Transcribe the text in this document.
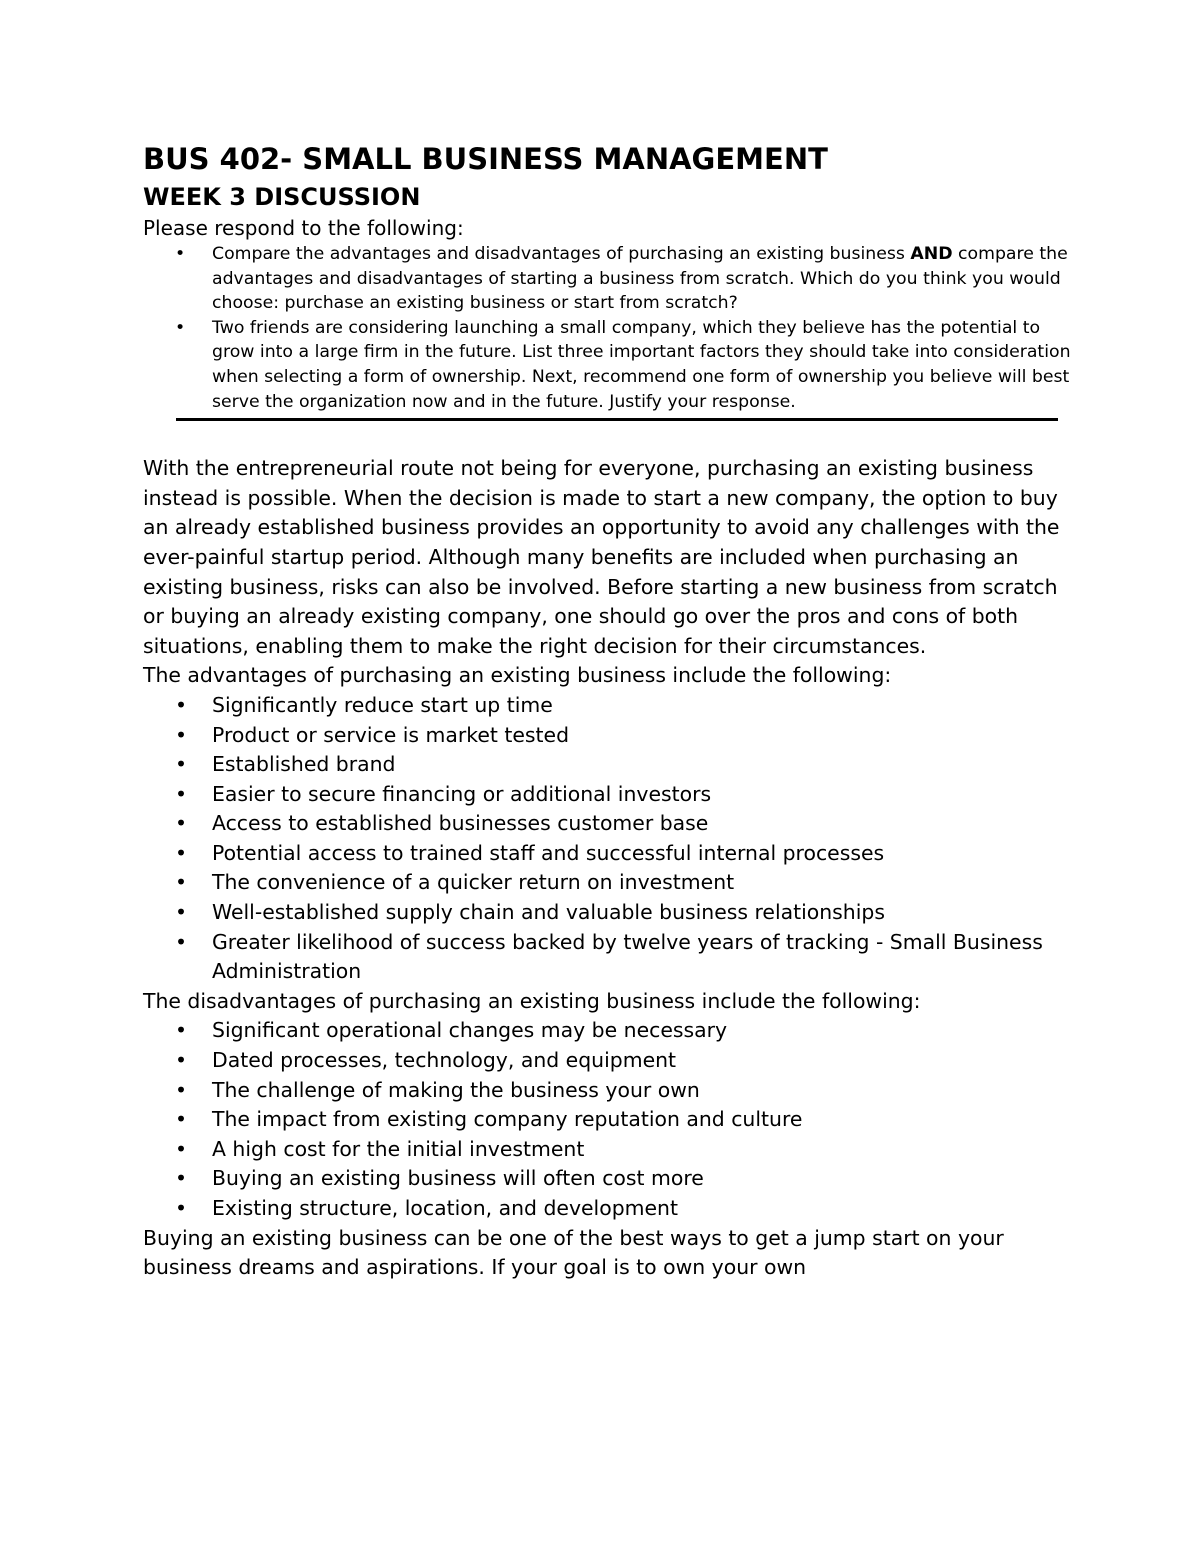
BUS 402- SMALL BUSINESS MANAGEMENT
WEEK 3 DISCUSSION

Please respond to the following:

• Compare the advantages and disadvantages of purchasing an existing business AND compare the advantages and disadvantages of starting a business from scratch. Which do you think you would choose: purchase an existing business or start from scratch?
• Two friends are considering launching a small company, which they believe has the potential to grow into a large firm in the future. List three important factors they should take into consideration when selecting a form of ownership. Next, recommend one form of ownership you believe will best serve the organization now and in the future. Justify your response.

With the entrepreneurial route not being for everyone, purchasing an existing business instead is possible. When the decision is made to start a new company, the option to buy an already established business provides an opportunity to avoid any challenges with the ever-painful startup period. Although many benefits are included when purchasing an existing business, risks can also be involved. Before starting a new business from scratch or buying an already existing company, one should go over the pros and cons of both situations, enabling them to make the right decision for their circumstances.

The advantages of purchasing an existing business include the following:

• Significantly reduce start up time
• Product or service is market tested
• Established brand
• Easier to secure financing or additional investors
• Access to established businesses customer base
• Potential access to trained staff and successful internal processes
• The convenience of a quicker return on investment
• Well-established supply chain and valuable business relationships
• Greater likelihood of success backed by twelve years of tracking - Small Business Administration

The disadvantages of purchasing an existing business include the following:

• Significant operational changes may be necessary
• Dated processes, technology, and equipment
• The challenge of making the business your own
• The impact from existing company reputation and culture
• A high cost for the initial investment
• Buying an existing business will often cost more
• Existing structure, location, and development

Buying an existing business can be one of the best ways to get a jump start on your business dreams and aspirations. If your goal is to own your own
